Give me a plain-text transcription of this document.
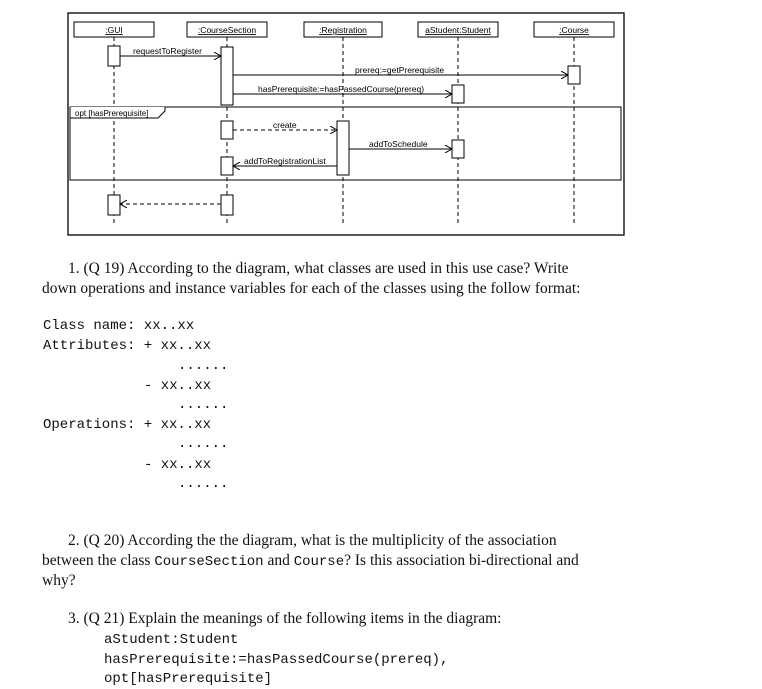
:GUI	:CourseSection	:Registration	aStudent:Student	:Course
opt [hasPrerequisite]
requestToRegister
prereq:=getPrerequisite
hasPrerequisite:=hasPassedCourse(prereq)
create
addToSchedule
addToRegistrationList
1. (Q 19) According to the diagram, what classes are used in this use case? Write
down operations and instance variables for each of the classes using the follow format:
Class name: xx..xx
Attributes: + xx..xx
......
- xx..xx
......
Operations: + xx..xx
......
- xx..xx
......
2. (Q 20) According the the diagram, what is the multiplicity of the association
between the class CourseSection and Course? Is this association bi-directional and
why?
3. (Q 21) Explain the meanings of the following items in the diagram:
aStudent:Student
hasPrerequisite:=hasPassedCourse(prereq),
opt[hasPrerequisite]
